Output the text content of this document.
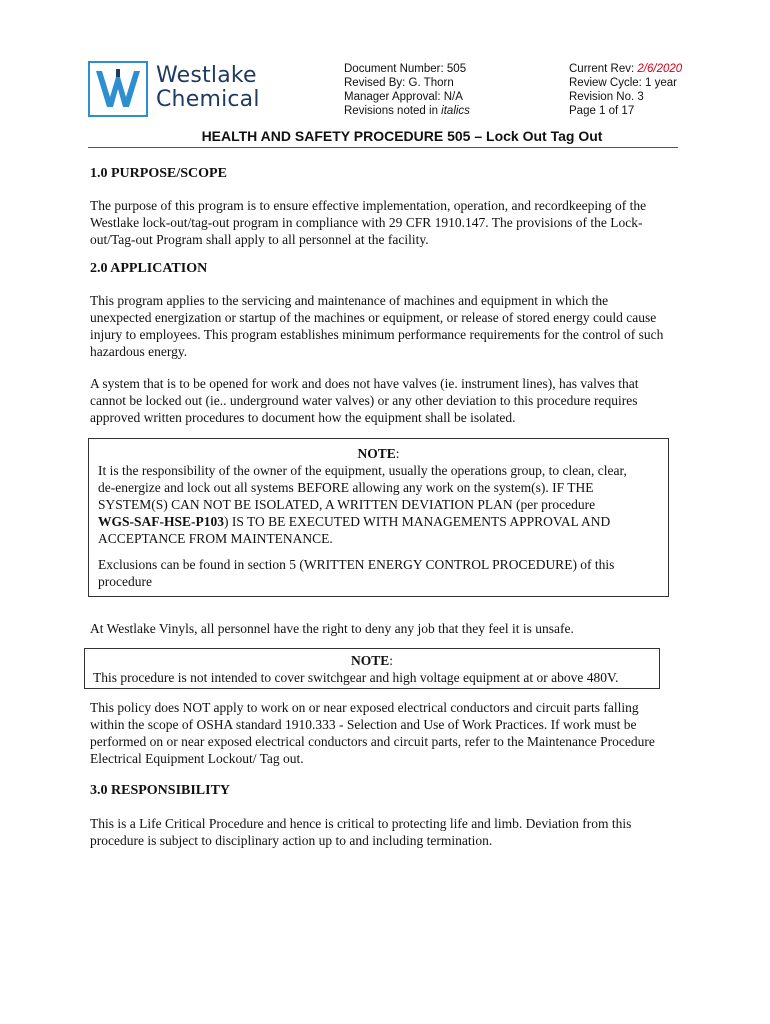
Westlake
Chemical
Document Number: 505
Revised By: G. Thorn
Manager Approval: N/A
Revisions noted in italics
Current Rev: 2/6/2020
Review Cycle: 1 year
Revision No. 3
Page 1 of 17
HEALTH AND SAFETY PROCEDURE 505 – Lock Out Tag Out
1.0 PURPOSE/SCOPE
The purpose of this program is to ensure effective implementation, operation, and recordkeeping of the
Westlake lock-out/tag-out program in compliance with 29 CFR 1910.147. The provisions of the Lock-
out/Tag-out Program shall apply to all personnel at the facility.
2.0 APPLICATION
This program applies to the servicing and maintenance of machines and equipment in which the
unexpected energization or startup of the machines or equipment, or release of stored energy could cause
injury to employees. This program establishes minimum performance requirements for the control of such
hazardous energy.
A system that is to be opened for work and does not have valves (ie. instrument lines), has valves that
cannot be locked out (ie.. underground water valves) or any other deviation to this procedure requires
approved written procedures to document how the equipment shall be isolated.
NOTE:
It is the responsibility of the owner of the equipment, usually the operations group, to clean, clear,
de-energize and lock out all systems BEFORE allowing any work on the system(s). IF THE
SYSTEM(S) CAN NOT BE ISOLATED, A WRITTEN DEVIATION PLAN (per procedure
WGS-SAF-HSE-P103) IS TO BE EXECUTED WITH MANAGEMENTS APPROVAL AND
ACCEPTANCE FROM MAINTENANCE.
Exclusions can be found in section 5 (WRITTEN ENERGY CONTROL PROCEDURE) of this
procedure
At Westlake Vinyls, all personnel have the right to deny any job that they feel it is unsafe.
NOTE:
This procedure is not intended to cover switchgear and high voltage equipment at or above 480V.
This policy does NOT apply to work on or near exposed electrical conductors and circuit parts falling
within the scope of OSHA standard 1910.333 - Selection and Use of Work Practices. If work must be
performed on or near exposed electrical conductors and circuit parts, refer to the Maintenance Procedure
Electrical Equipment Lockout/ Tag out.
3.0 RESPONSIBILITY
This is a Life Critical Procedure and hence is critical to protecting life and limb. Deviation from this
procedure is subject to disciplinary action up to and including termination.
